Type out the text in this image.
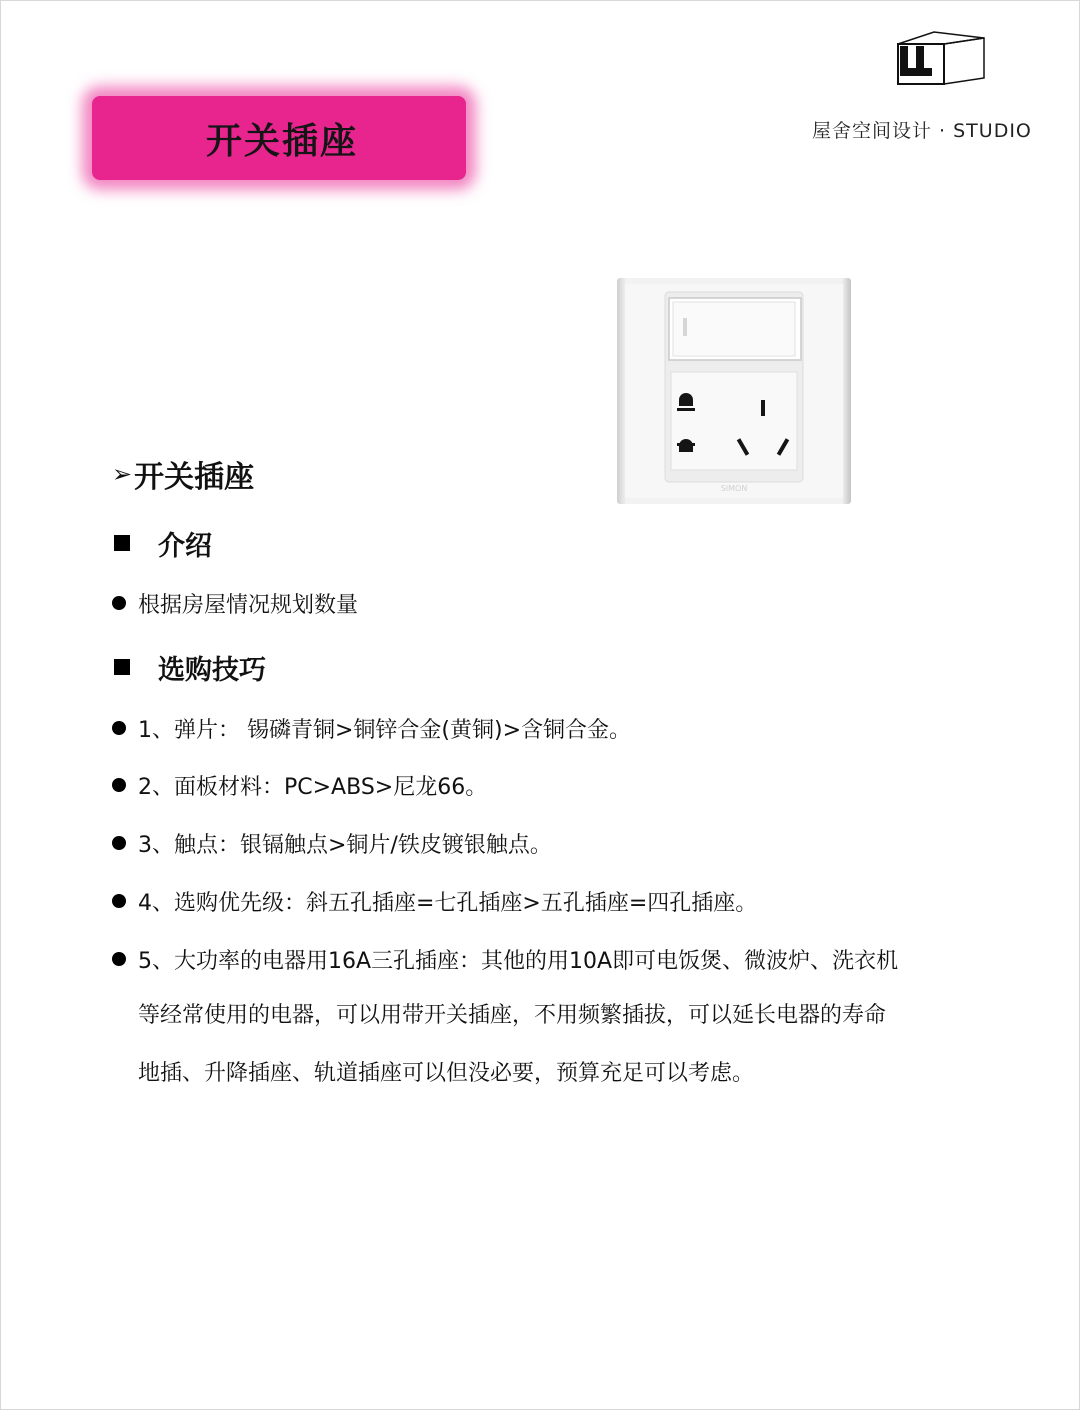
开关插座	屋舍空间设计 · STUDIO
SIMON
➢ 开关插座
介绍
根据房屋情况规划数量
选购技巧
1、弹片： 锡磷青铜>铜锌合金(黄铜)>含铜合金。
2、面板材料：PC>ABS>尼龙66。
3、触点：银镉触点>铜片/铁皮镀银触点。
4、选购优先级：斜五孔插座=七孔插座>五孔插座=四孔插座。
5、大功率的电器用16A三孔插座：其他的用10A即可电饭煲、微波炉、洗衣机
等经常使用的电器，可以用带开关插座，不用频繁插拔，可以延长电器的寿命
地插、升降插座、轨道插座可以但没必要，预算充足可以考虑。
